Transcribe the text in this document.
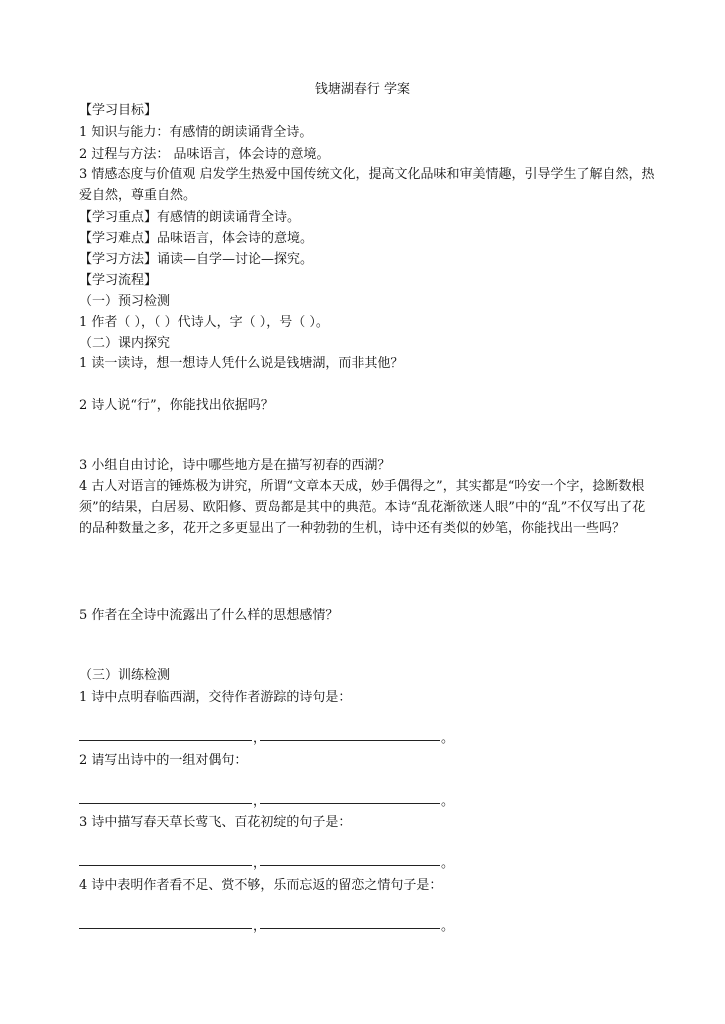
钱塘湖春行 学案
【学习目标】
1 知识与能力：有感情的朗读诵背全诗。
2 过程与方法： 品味语言，体会诗的意境。
3 情感态度与价值观 启发学生热爱中国传统文化，提高文化品味和审美情趣，引导学生了解自然，热爱自然，尊重自然。
【学习重点】有感情的朗读诵背全诗。
【学习难点】品味语言，体会诗的意境。
【学习方法】诵读—自学—讨论—探究。
【学习流程】
（一）预习检测
1 作者（ ），（ ）代诗人，字（ ），号（ ）。
（二）课内探究
1 读一读诗，想一想诗人凭什么说是钱塘湖，而非其他？
2 诗人说“行”，你能找出依据吗？
3 小组自由讨论，诗中哪些地方是在描写初春的西湖？
4 古人对语言的锤炼极为讲究，所谓“文章本天成，妙手偶得之”，其实都是“吟安一个字，捻断数根须”的结果，白居易、欧阳修、贾岛都是其中的典范。本诗“乱花渐欲迷人眼”中的“乱”不仅写出了花的品种数量之多，花开之多更显出了一种勃勃的生机，诗中还有类似的妙笔，你能找出一些吗？
5 作者在全诗中流露出了什么样的思想感情？
（三）训练检测
1 诗中点明春临西湖，交待作者游踪的诗句是：
，	。
2 请写出诗中的一组对偶句：
，	。
3 诗中描写春天草长莺飞、百花初绽的句子是：
，	。
4 诗中表明作者看不足、赏不够，乐而忘返的留恋之情句子是：
，	。
